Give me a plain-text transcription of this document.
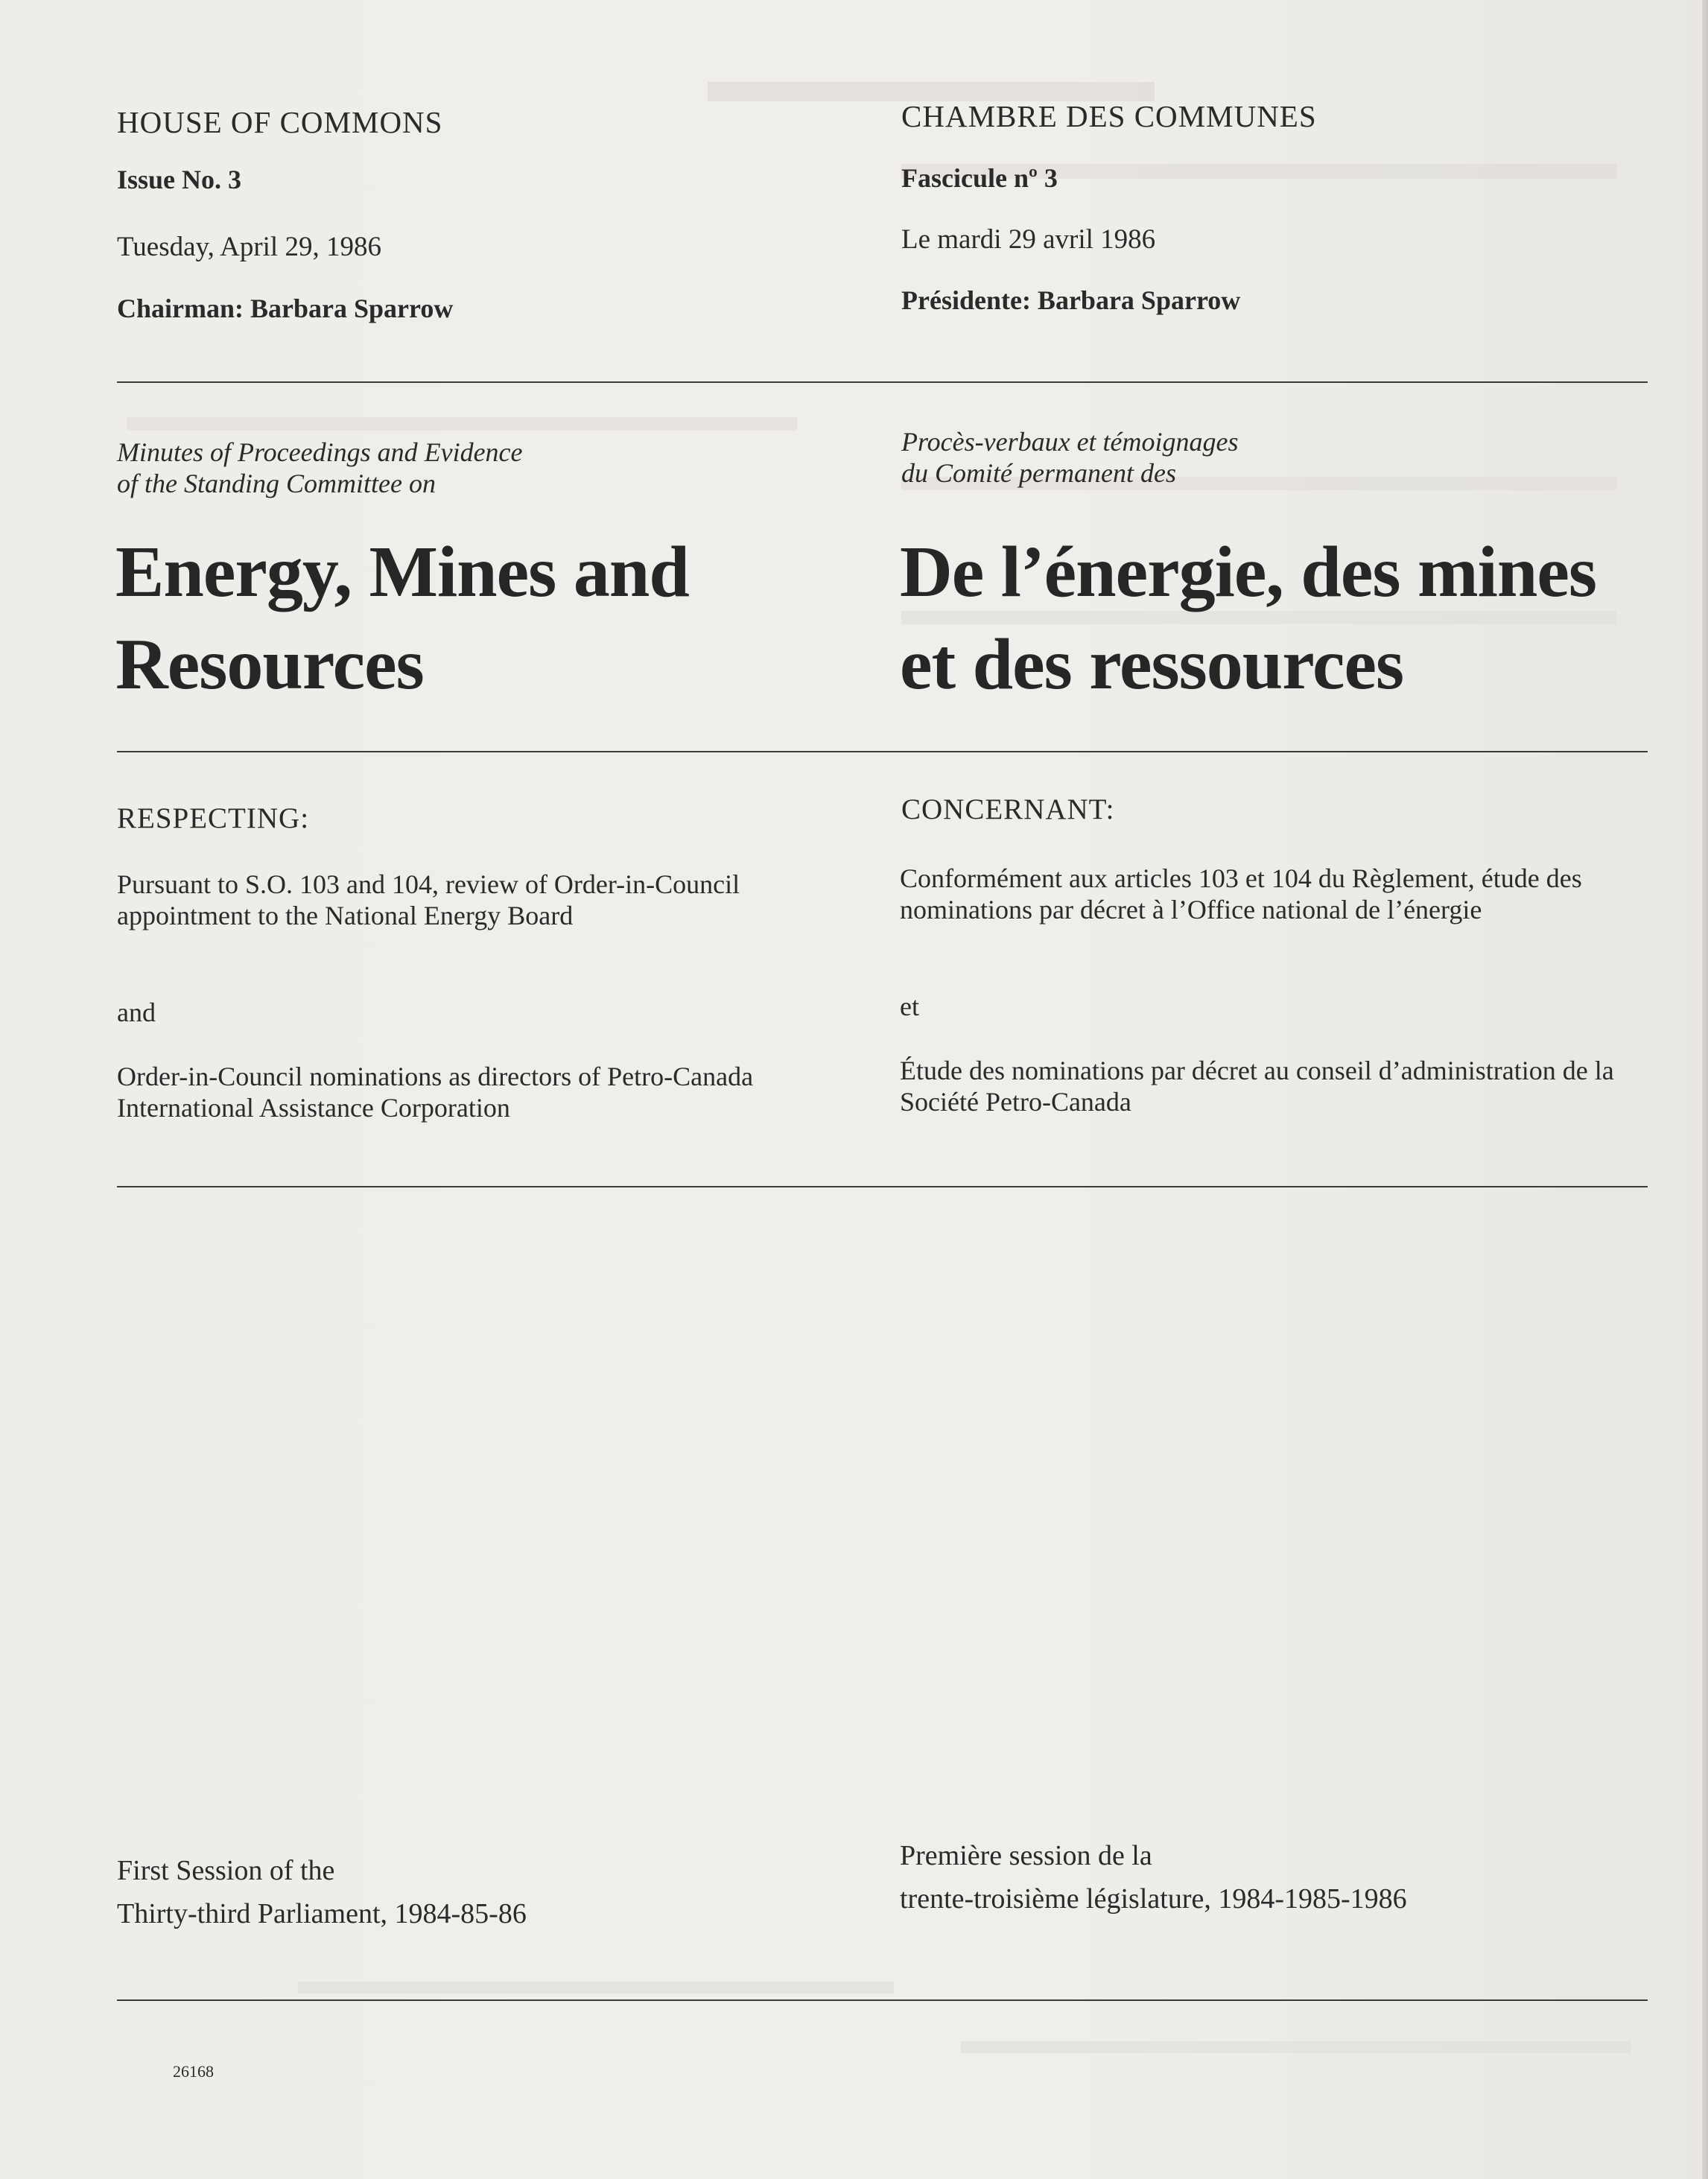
HOUSE OF COMMONS	CHAMBRE DES COMMUNES
Issue No. 3	Fascicule nº 3
Tuesday, April 29, 1986	Le mardi 29 avril 1986
Chairman: Barbara Sparrow	Présidente: Barbara Sparrow
Minutes of Proceedings and Evidence
of the Standing Committee on
Procès-verbaux et témoignages
du Comité permanent des
Energy, Mines and
Resources
De l’énergie, des mines
et des ressources
RESPECTING:	CONCERNANT:
Pursuant to S.O. 103 and 104, review of Order-in-Council appointment to the National Energy Board
Conformément aux articles 103 et 104 du Règlement, étude des nominations par décret à l’Office national de l’énergie
and	et
Order-in-Council nominations as directors of Petro-Canada International Assistance Corporation
Étude des nominations par décret au conseil d’administration de la Société Petro-Canada
First Session of the
Thirty-third Parliament, 1984-85-86
Première session de la
trente-troisième législature, 1984-1985-1986
26168
